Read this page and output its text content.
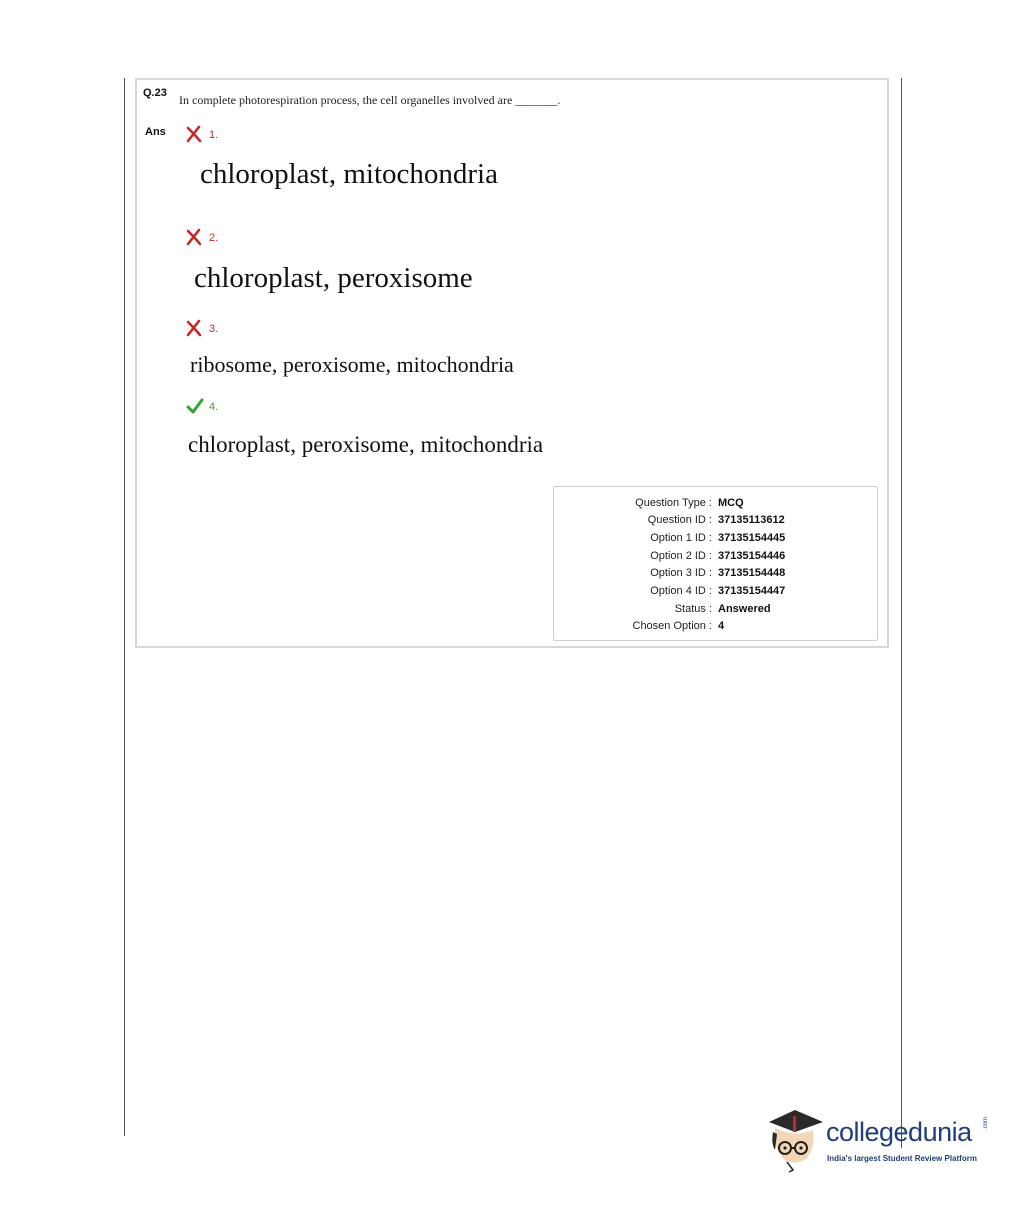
Q.23 In complete photorespiration process, the cell organelles involved are _______.
Ans	1.
chloroplast, mitochondria
2.
chloroplast, peroxisome
3.
ribosome, peroxisome, mitochondria
4.
chloroplast, peroxisome, mitochondria
Question Type : MCQ
Question ID : 37135113612
Option 1 ID : 37135154445
Option 2 ID : 37135154446
Option 3 ID : 37135154448
Option 4 ID : 37135154447
Status : Answered
Chosen Option : 4
collegedunia .com
India's largest Student Review Platform
